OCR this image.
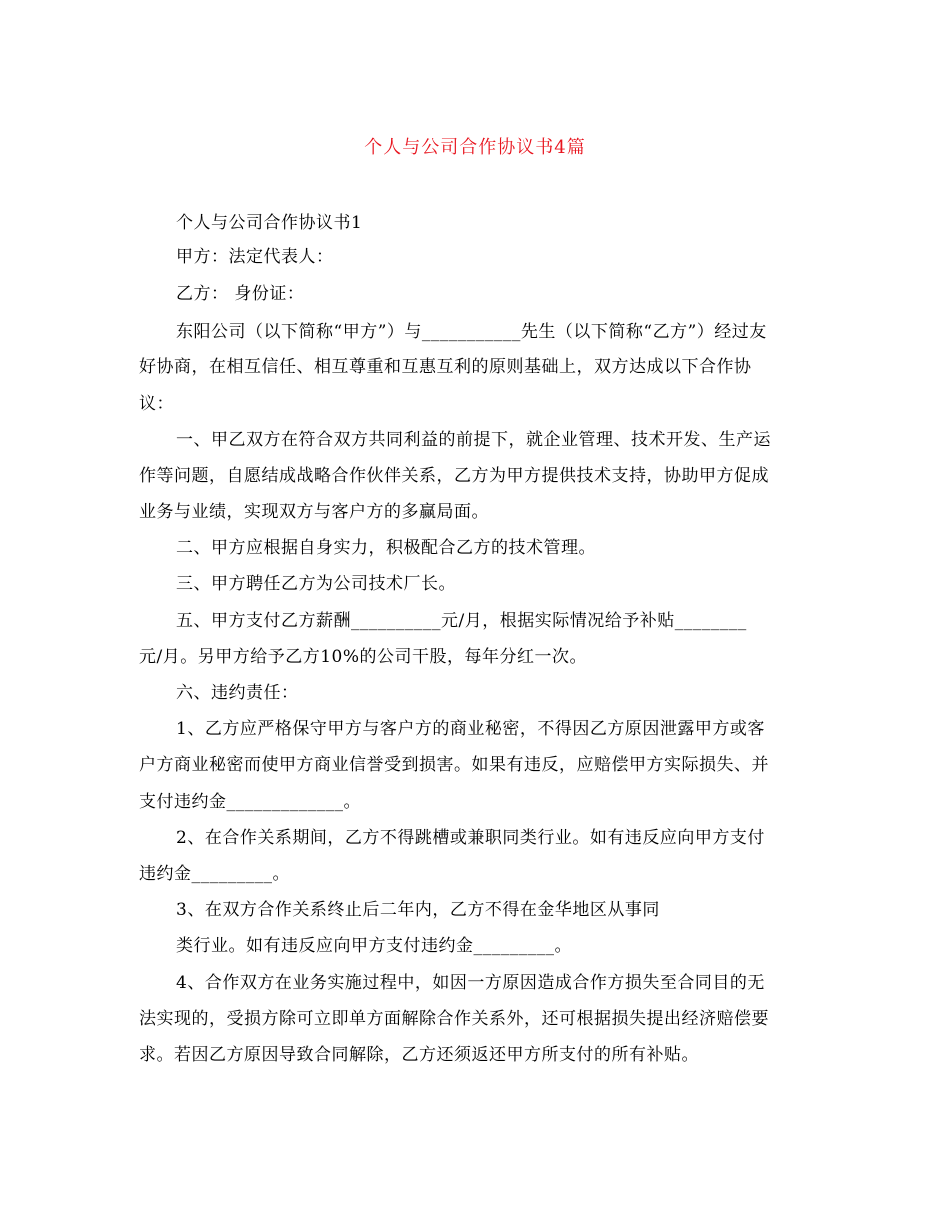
个人与公司合作协议书4篇
个人与公司合作协议书1
甲方：法定代表人：
乙方： 身份证：
东阳公司（以下简称“甲方”）与___________先生（以下简称“乙方”）经过友
好协商，在相互信任、相互尊重和互惠互利的原则基础上，双方达成以下合作协
议：
一、甲乙双方在符合双方共同利益的前提下，就企业管理、技术开发、生产运
作等问题，自愿结成战略合作伙伴关系，乙方为甲方提供技术支持，协助甲方促成
业务与业绩，实现双方与客户方的多赢局面。
二、甲方应根据自身实力，积极配合乙方的技术管理。
三、甲方聘任乙方为公司技术厂长。
五、甲方支付乙方薪酬__________元/月，根据实际情况给予补贴________
元/月。另甲方给予乙方10%的公司干股，每年分红一次。
六、违约责任：
1、乙方应严格保守甲方与客户方的商业秘密，不得因乙方原因泄露甲方或客
户方商业秘密而使甲方商业信誉受到损害。如果有违反，应赔偿甲方实际损失、并
支付违约金_____________。
2、在合作关系期间，乙方不得跳槽或兼职同类行业。如有违反应向甲方支付
违约金_________。
3、在双方合作关系终止后二年内，乙方不得在金华地区从事同
类行业。如有违反应向甲方支付违约金_________。
4、合作双方在业务实施过程中，如因一方原因造成合作方损失至合同目的无
法实现的，受损方除可立即单方面解除合作关系外，还可根据损失提出经济赔偿要
求。若因乙方原因导致合同解除，乙方还须返还甲方所支付的所有补贴。
